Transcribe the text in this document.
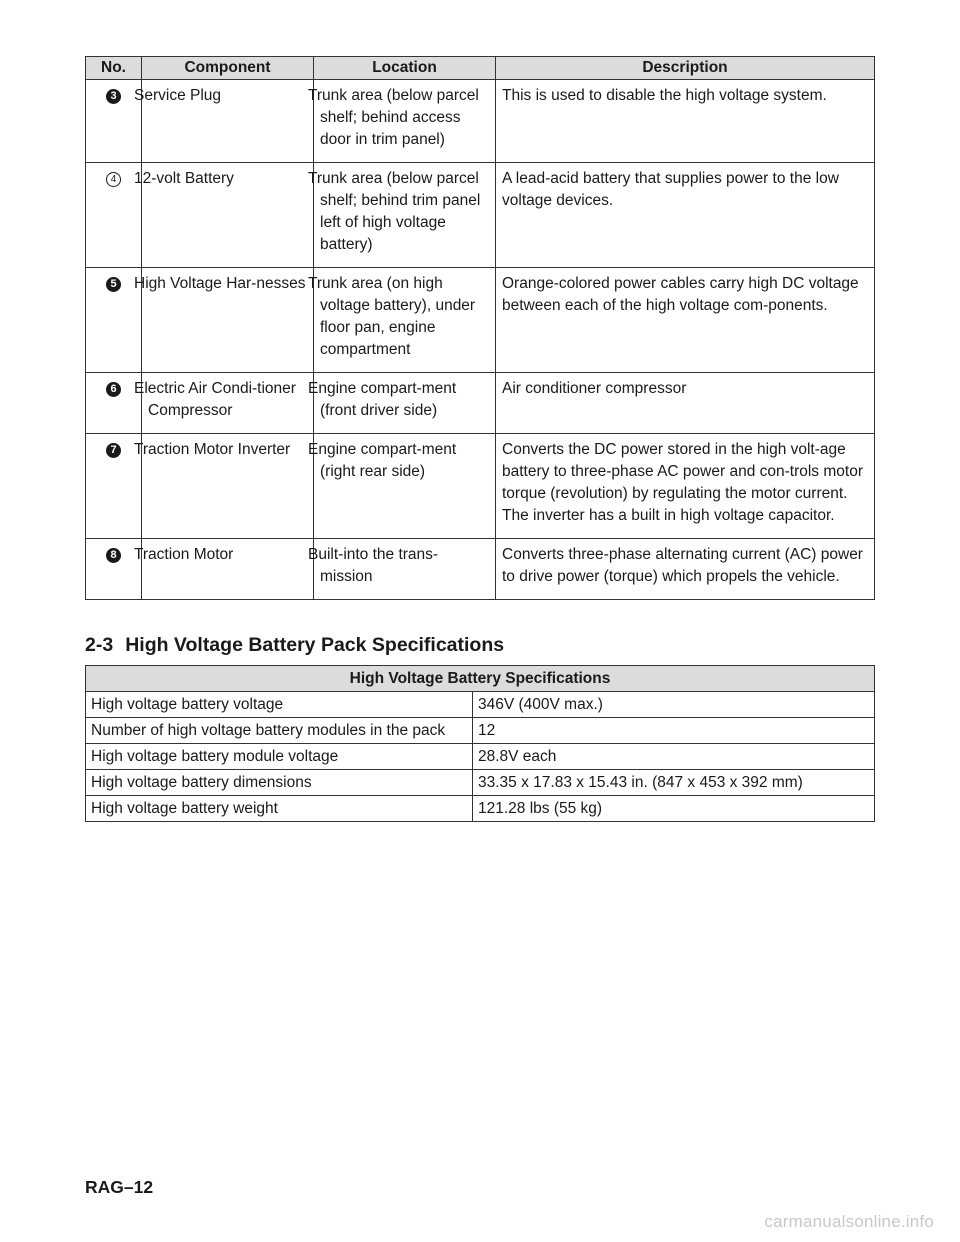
No.	Component	Location	Description
3	Service Plug	Trunk area (below parcel shelf; behind access door in trim panel)	This is used to disable the high voltage system.
4	12-volt Battery	Trunk area (below parcel shelf; behind trim panel left of high voltage battery)	A lead-acid battery that supplies power to the low voltage devices.
5	High Voltage Har-nesses	Trunk area (on high voltage battery), under floor pan, engine compartment	Orange-colored power cables carry high DC voltage between each of the high voltage com-ponents.
6	Electric Air Condi-tioner Compressor	Engine compart-ment (front driver side)	Air conditioner compressor
7	Traction Motor Inverter	Engine compart-ment (right rear side)	Converts the DC power stored in the high volt-age battery to three-phase AC power and con-trols motor torque (revolution) by regulating the motor current. The inverter has a built in high voltage capacitor.
8	Traction Motor	Built-into the trans-mission	Converts three-phase alternating current (AC) power to drive power (torque) which propels the vehicle.
2-3 High Voltage Battery Pack Specifications
High Voltage Battery Specifications	
High voltage battery voltage	346V (400V max.)
Number of high voltage battery modules in the pack	12
High voltage battery module voltage	28.8V each
High voltage battery dimensions	33.35 x 17.83 x 15.43 in. (847 x 453 x 392 mm)
High voltage battery weight	121.28 lbs (55 kg)
RAG–12
carmanualsonline.info
